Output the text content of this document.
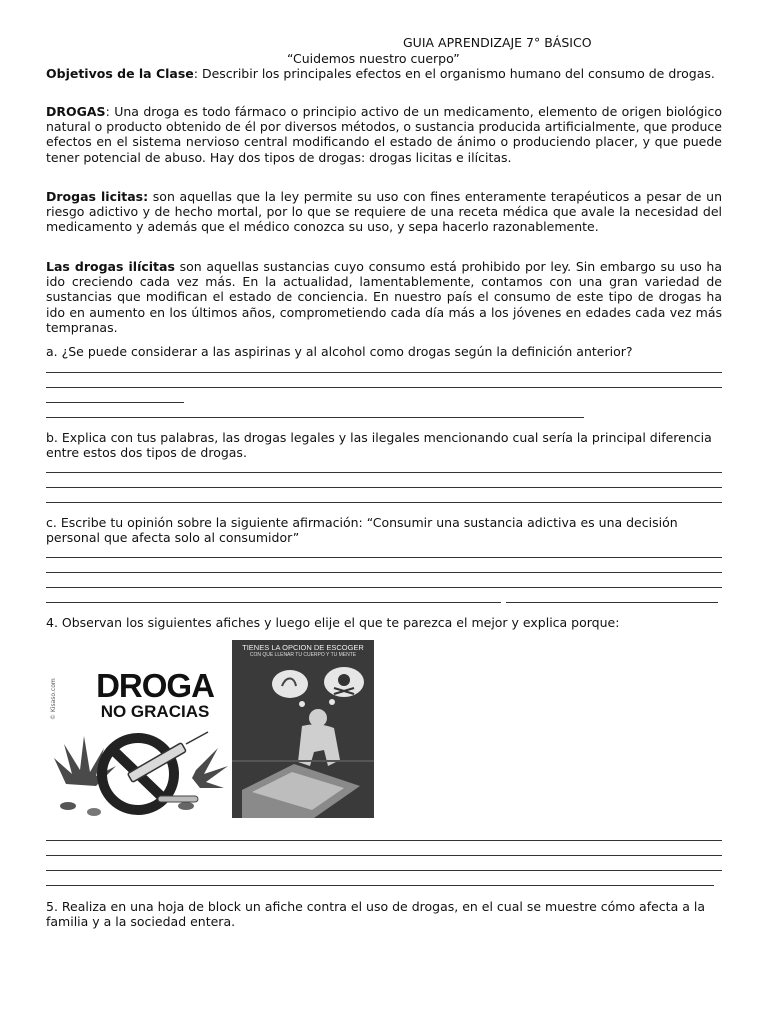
GUIA APRENDIZAJE 7° BÁSICO
“Cuidemos nuestro cuerpo”
Objetivos de la Clase: Describir los principales efectos en el organismo humano del consumo de drogas.
DROGAS: Una droga es todo fármaco o principio activo de un medicamento, elemento de origen biológico natural o producto obtenido de él por diversos métodos, o sustancia producida artificialmente, que produce efectos en el sistema nervioso central modificando el estado de ánimo o produciendo placer, y que puede tener potencial de abuso. Hay dos tipos de drogas: drogas licitas e ilícitas.
Drogas licitas: son aquellas que la ley permite su uso con fines enteramente terapéuticos a pesar de un riesgo adictivo y de hecho mortal, por lo que se requiere de una receta médica que avale la necesidad del medicamento y además que el médico conozca su uso, y sepa hacerlo razonablemente.
Las drogas ilícitas son aquellas sustancias cuyo consumo está prohibido por ley. Sin embargo su uso ha ido creciendo cada vez más. En la actualidad, lamentablemente, contamos con una gran variedad de sustancias que modifican el estado de conciencia. En nuestro país el consumo de este tipo de drogas ha ido en aumento en los últimos años, comprometiendo cada día más a los jóvenes en edades cada vez más tempranas.
a. ¿Se puede considerar a las aspirinas y al alcohol como drogas según la definición anterior?
b. Explica con tus palabras, las drogas legales y las ilegales mencionando cual sería la principal diferencia entre estos dos tipos de drogas.
c. Escribe tu opinión sobre la siguiente afirmación: “Consumir una sustancia adictiva es una decisión personal que afecta solo al consumidor”
4. Observan los siguientes afiches y luego elije el que te parezca el mejor y explica porque:
DROGA
NO GRACIAS
© Kisaso.com
TIENES LA OPCION DE ESCOGER
CON QUE LLENAR TU CUERPO Y TU MENTE
5. Realiza en una hoja de block un afiche contra el uso de drogas, en el cual se muestre cómo afecta a la familia y a la sociedad entera.
